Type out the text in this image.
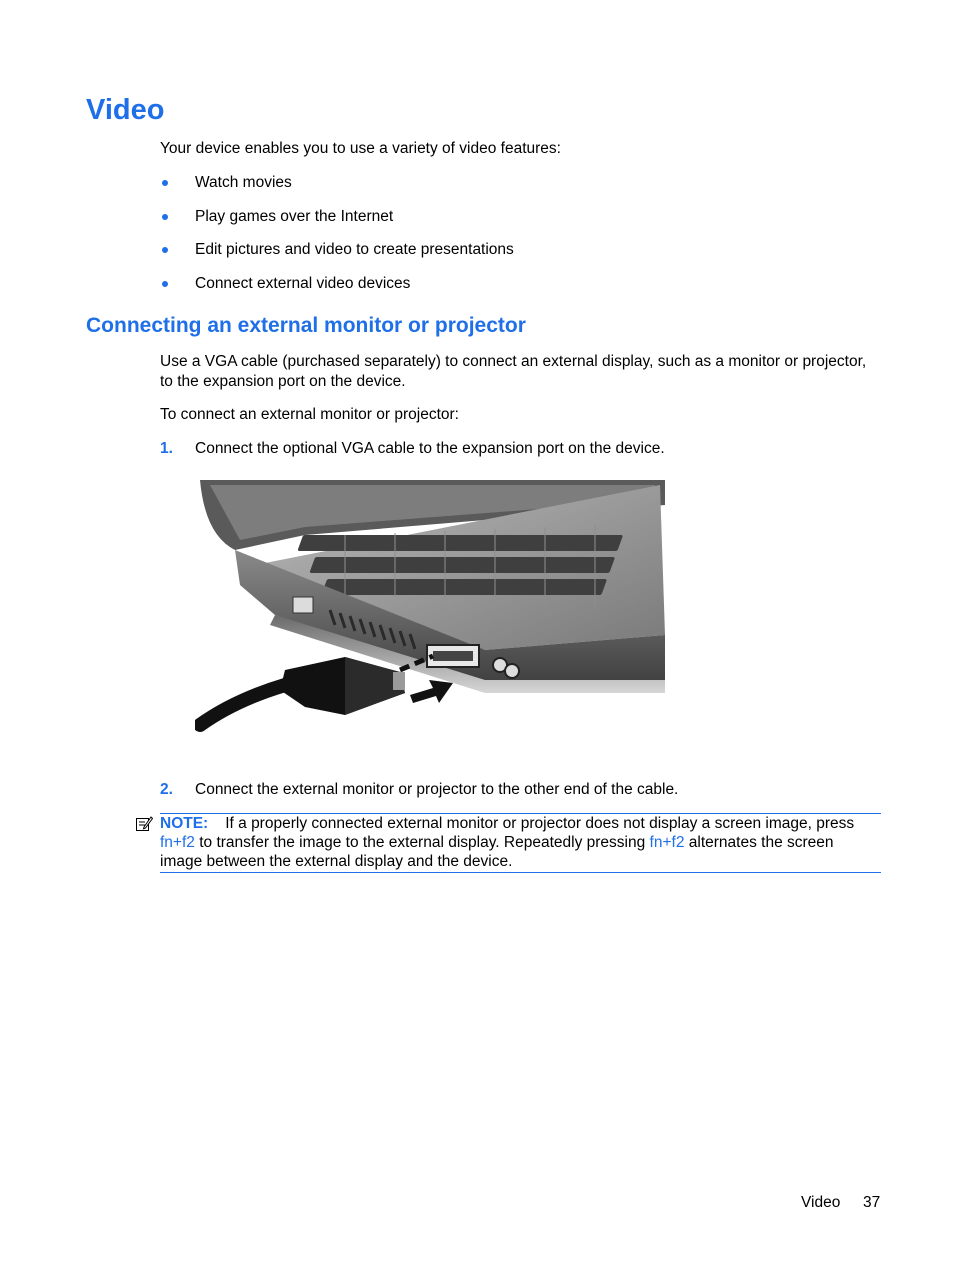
Video
Your device enables you to use a variety of video features:
Watch movies
Play games over the Internet
Edit pictures and video to create presentations
Connect external video devices
Connecting an external monitor or projector
Use a VGA cable (purchased separately) to connect an external display, such as a monitor or projector,
to the expansion port on the device.
To connect an external monitor or projector:
1. Connect the optional VGA cable to the expansion port on the device.
2. Connect the external monitor or projector to the other end of the cable.
NOTE: If a properly connected external monitor or projector does not display a screen image, press
fn+f2 to transfer the image to the external display. Repeatedly pressing fn+f2 alternates the screen
image between the external display and the device.
Video 37
